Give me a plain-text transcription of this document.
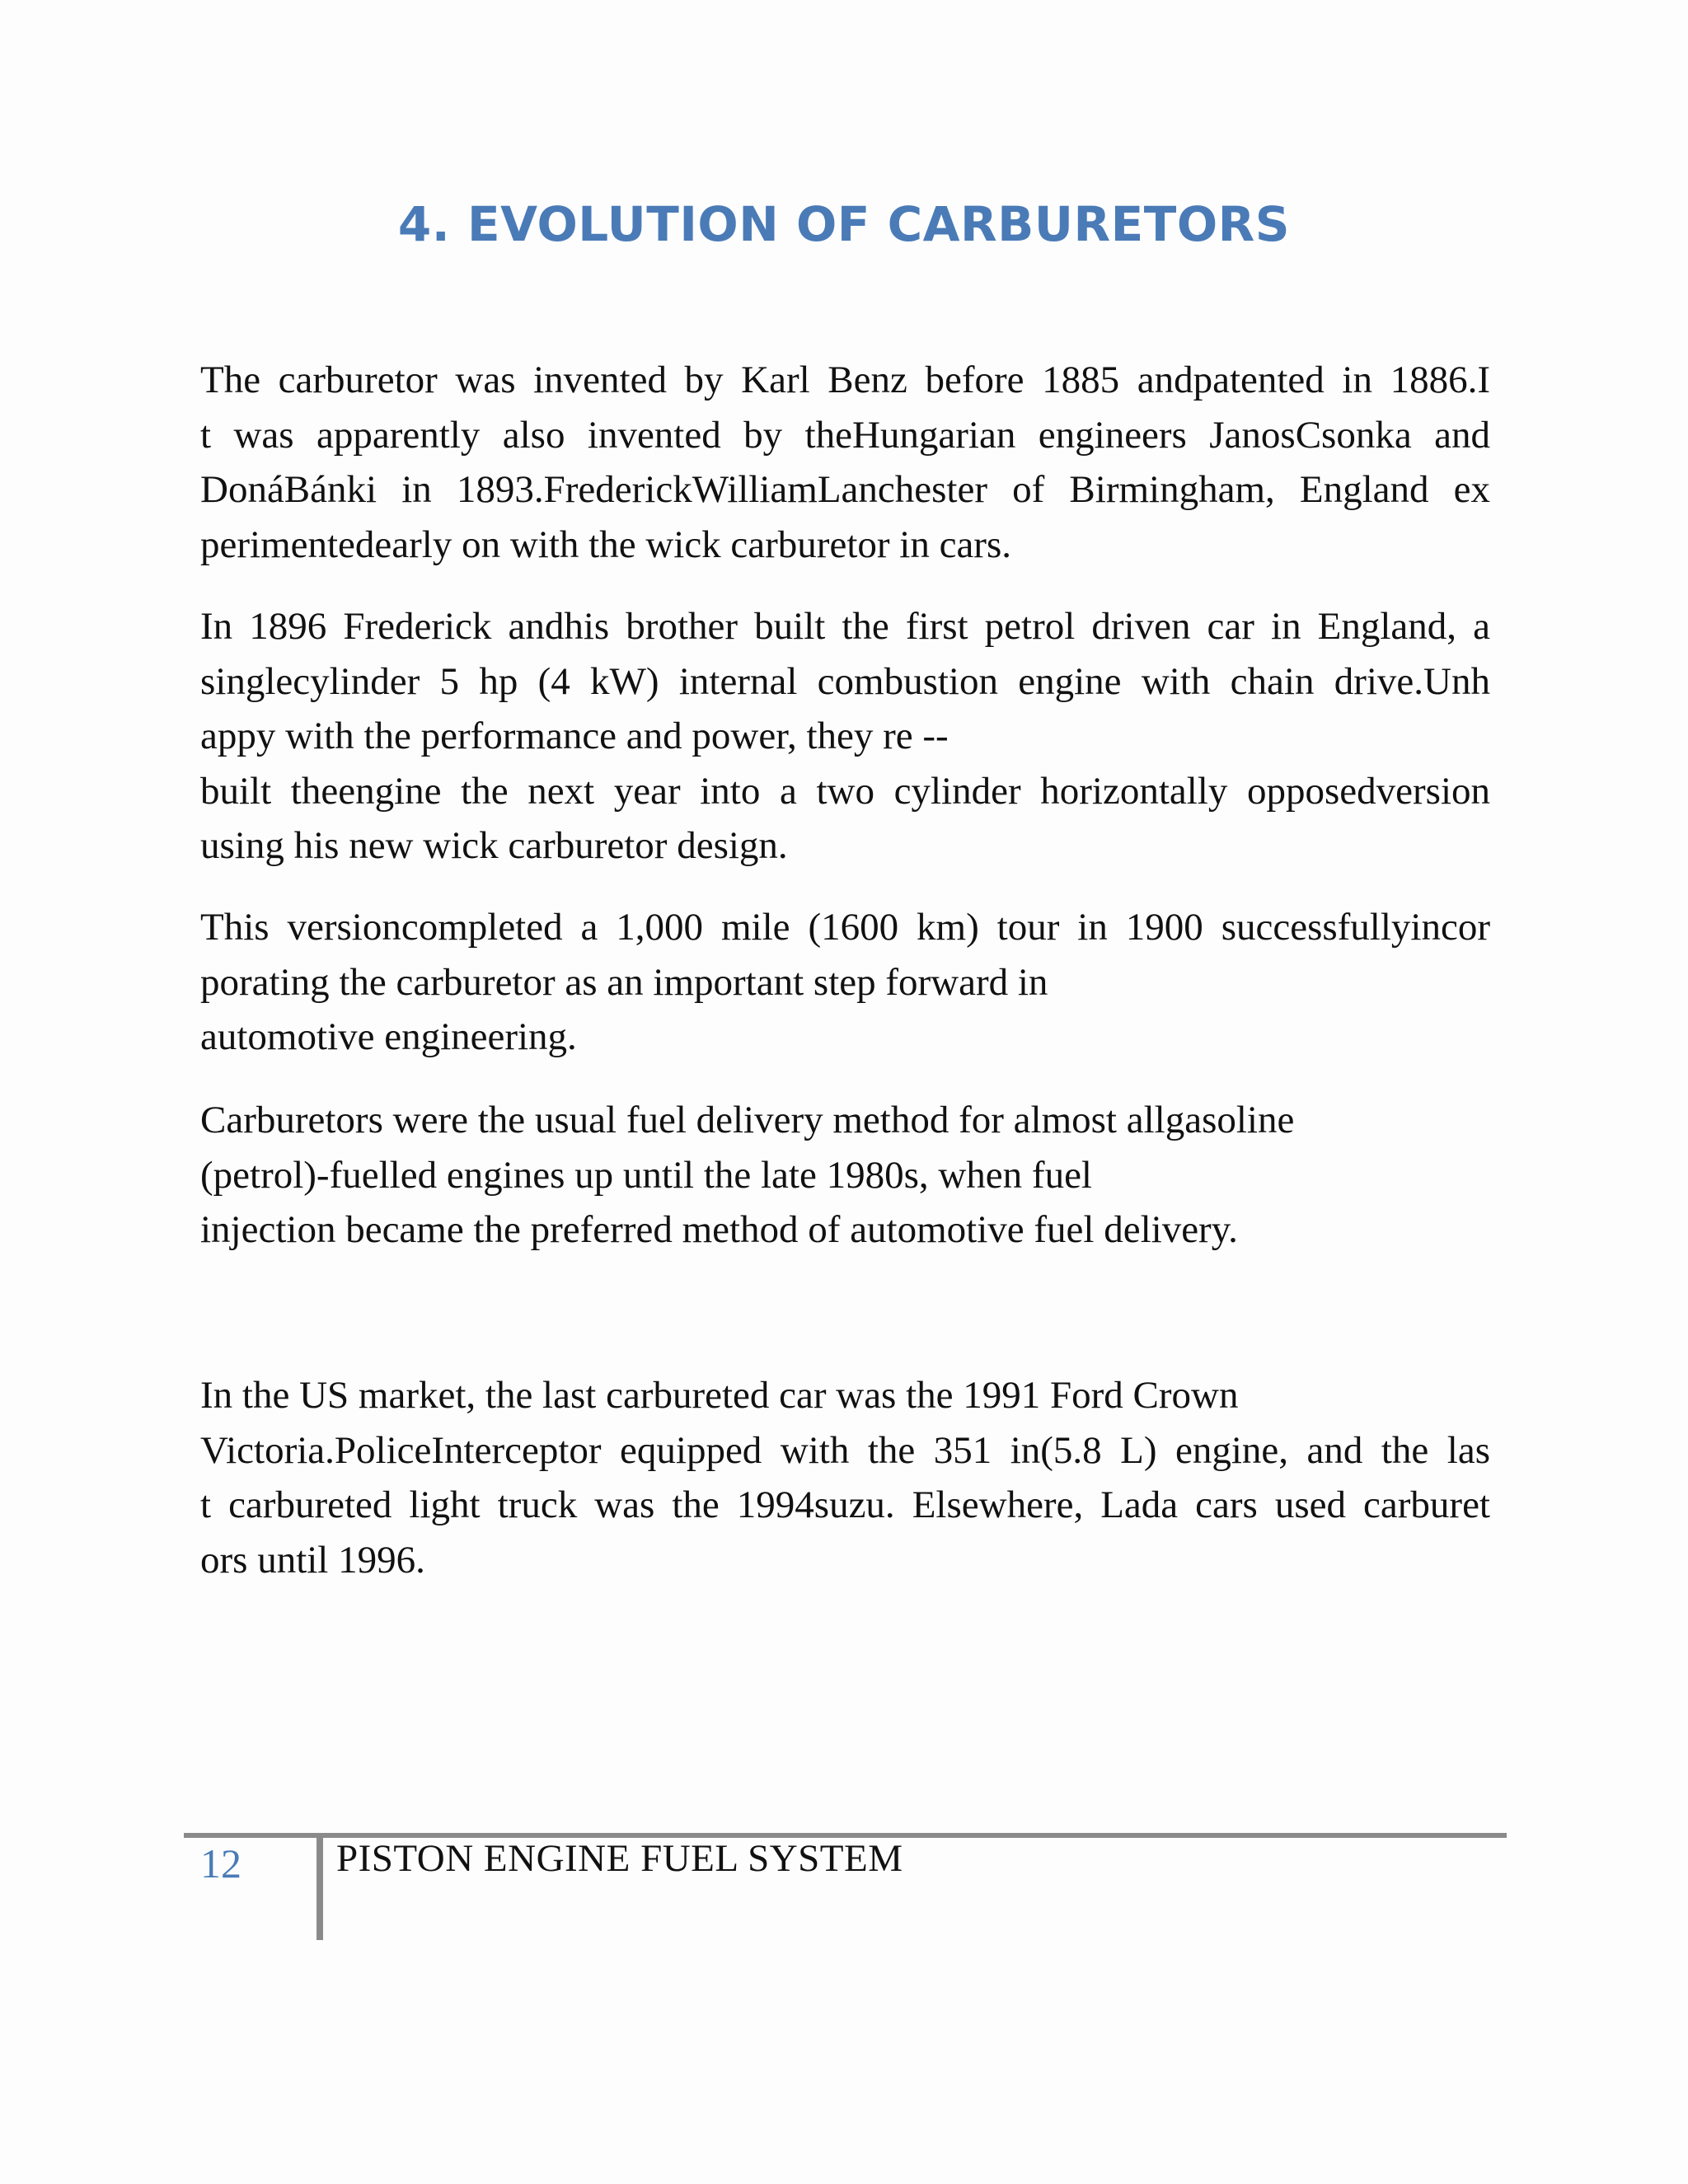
4. EVOLUTION OF CARBURETORS

The carburetor was invented by Karl Benz before 1885 andpatented in 1886.I
t was apparently also invented by theHungarian engineers JanosCsonka and
DonáBánki in 1893.FrederickWilliamLanchester of Birmingham, England ex
perimentedearly on with the wick carburetor in cars.

In 1896 Frederick andhis brother built the first petrol driven car in England, a
singlecylinder 5 hp (4 kW) internal combustion engine with chain drive.Unh
appy with the performance and power, they re --
built theengine the next year into a two cylinder horizontally opposedversion
using his new wick carburetor design.

This versioncompleted a 1,000 mile (1600 km) tour in 1900 successfullyincor
porating the carburetor as an important step forward in
automotive engineering.

Carburetors were the usual fuel delivery method for almost allgasoline
(petrol)-fuelled engines up until the late 1980s, when fuel
injection became the preferred method of automotive fuel delivery.

In the US market, the last carbureted car was the 1991 Ford Crown
Victoria.PoliceInterceptor equipped with the 351 in(5.8 L) engine, and the las
t carbureted light truck was the 1994suzu. Elsewhere, Lada cars used carburet
ors until 1996.

12 PISTON ENGINE FUEL SYSTEM
